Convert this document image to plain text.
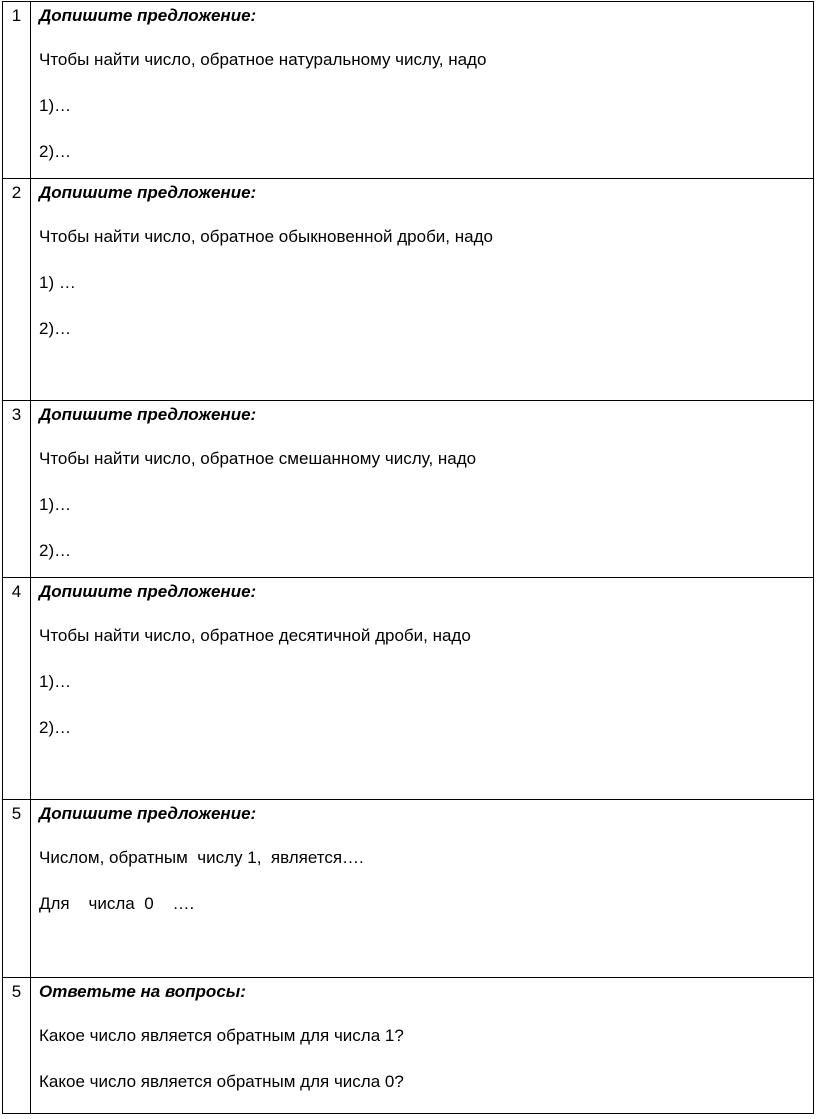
1	Допишите предложение:
Чтобы найти число, обратное натуральному числу, надо
1)…
2)…

2	Допишите предложение:
Чтобы найти число, обратное обыкновенной дроби, надо
1) …
2)…

3	Допишите предложение:
Чтобы найти число, обратное смешанному числу, надо
1)…
2)…

4	Допишите предложение:
Чтобы найти число, обратное десятичной дроби, надо
1)…
2)…

5	Допишите предложение:
Числом, обратным  числу 1,  является….
Для    числа  0    ….

5	Ответьте на вопросы:
Какое число является обратным для числа 1?
Какое число является обратным для числа 0?
